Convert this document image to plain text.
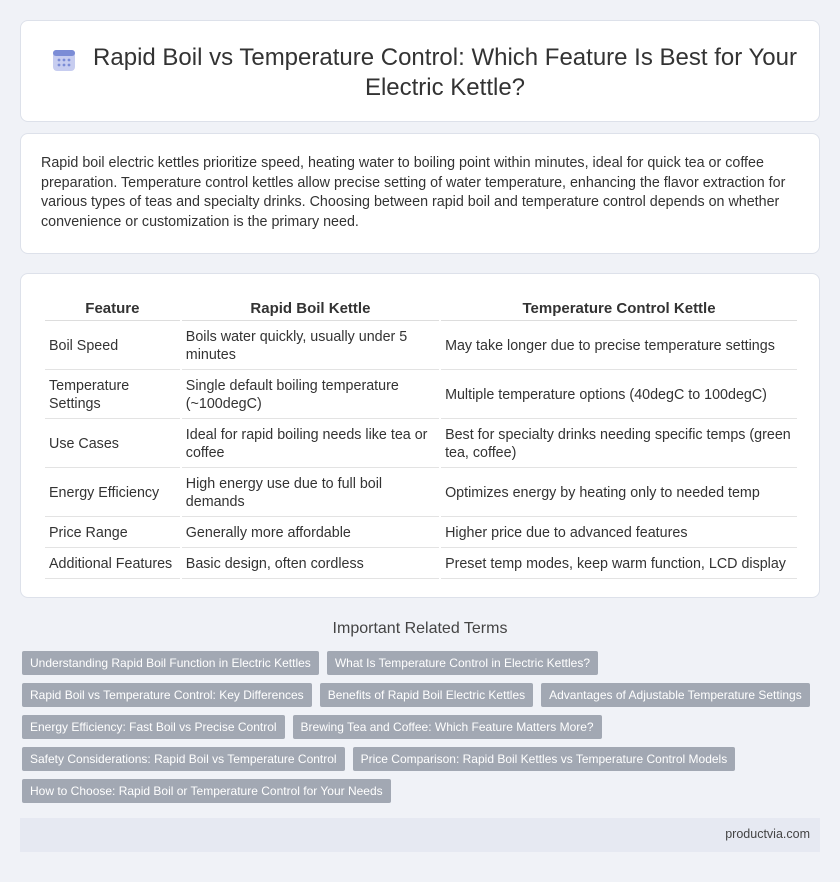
Rapid Boil vs Temperature Control: Which Feature Is Best for Your Electric Kettle?

Rapid boil electric kettles prioritize speed, heating water to boiling point within minutes, ideal for quick tea or coffee preparation. Temperature control kettles allow precise setting of water temperature, enhancing the flavor extraction for various types of teas and specialty drinks. Choosing between rapid boil and temperature control depends on whether convenience or customization is the primary need.

Feature	Rapid Boil Kettle	Temperature Control Kettle
Boil Speed	Boils water quickly, usually under 5 minutes	May take longer due to precise temperature settings
Temperature Settings	Single default boiling temperature (~100degC)	Multiple temperature options (40degC to 100degC)
Use Cases	Ideal for rapid boiling needs like tea or coffee	Best for specialty drinks needing specific temps (green tea, coffee)
Energy Efficiency	High energy use due to full boil demands	Optimizes energy by heating only to needed temp
Price Range	Generally more affordable	Higher price due to advanced features
Additional Features	Basic design, often cordless	Preset temp modes, keep warm function, LCD display
Important Related Terms
Understanding Rapid Boil Function in Electric Kettles	What Is Temperature Control in Electric Kettles?
Rapid Boil vs Temperature Control: Key Differences	Benefits of Rapid Boil Electric Kettles	Advantages of Adjustable Temperature Settings
Energy Efficiency: Fast Boil vs Precise Control	Brewing Tea and Coffee: Which Feature Matters More?
Safety Considerations: Rapid Boil vs Temperature Control	Price Comparison: Rapid Boil Kettles vs Temperature Control Models
How to Choose: Rapid Boil or Temperature Control for Your Needs
productvia.com
